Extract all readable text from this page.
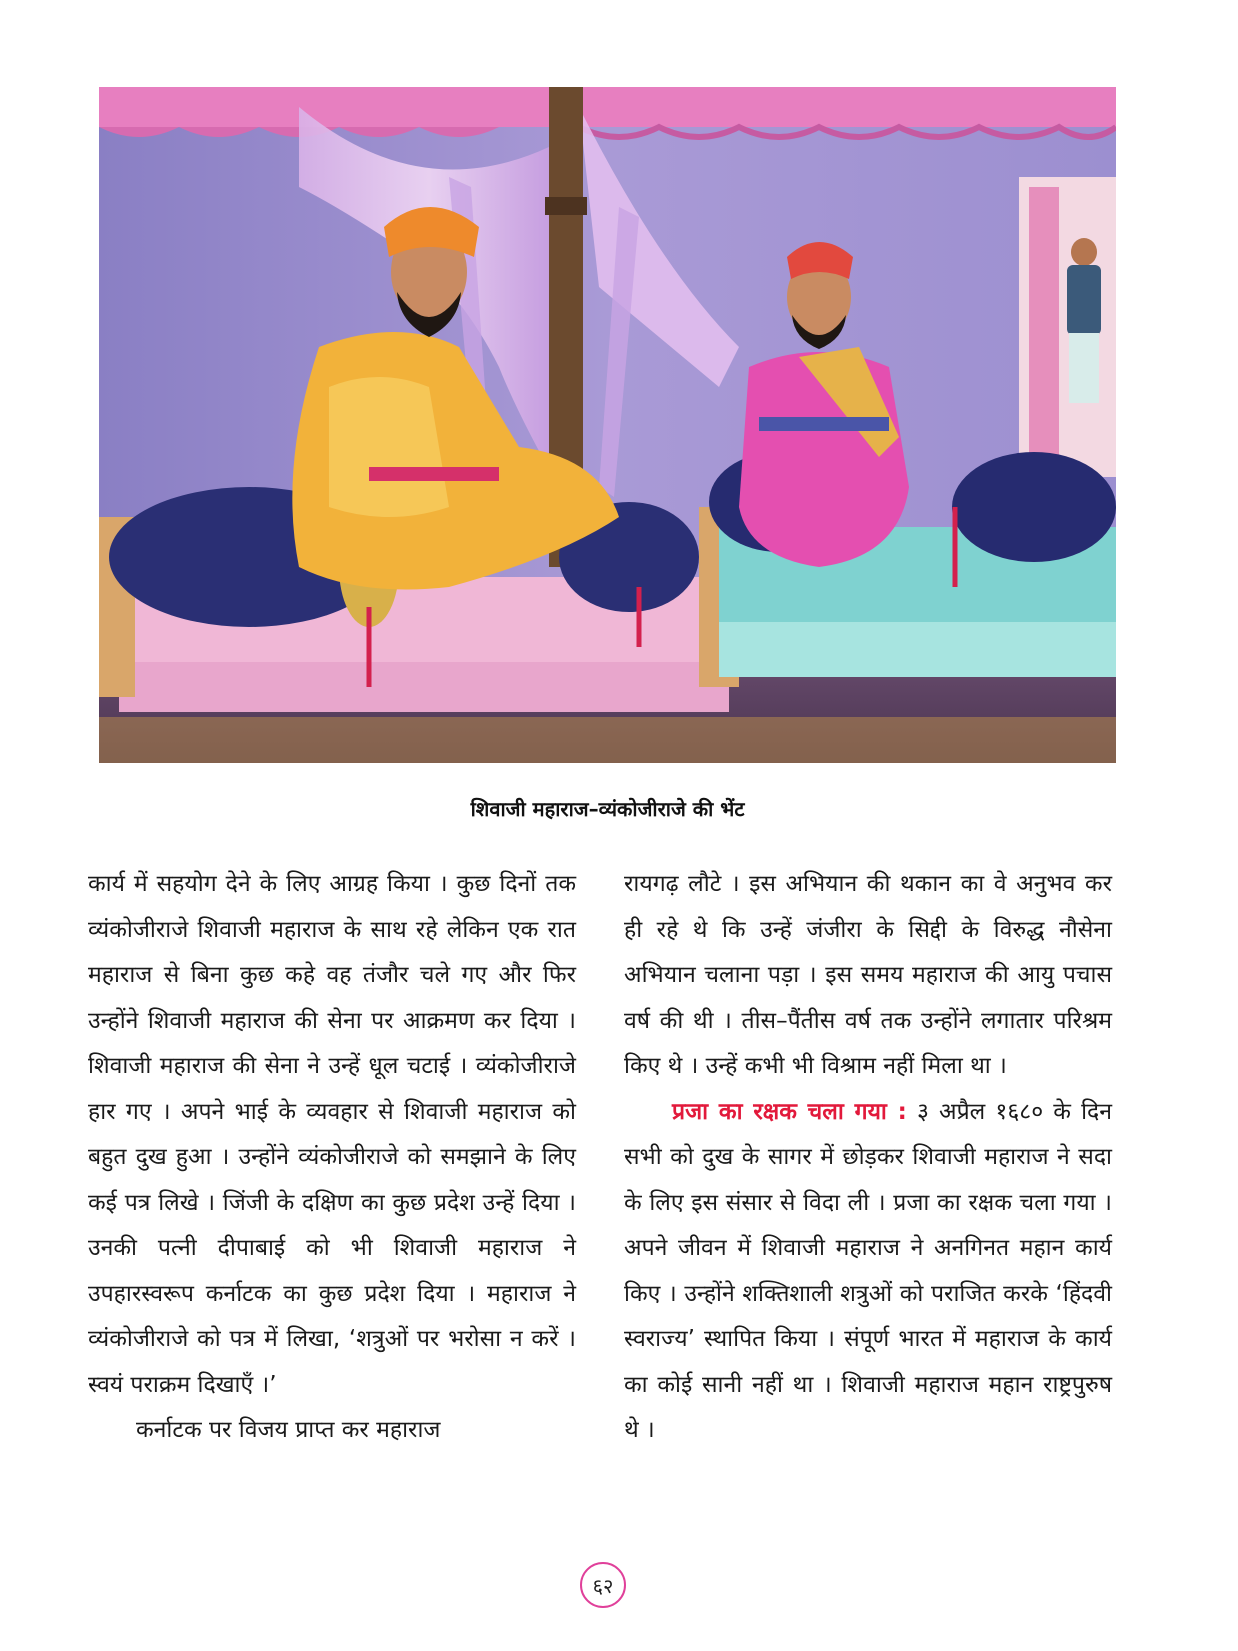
शिवाजी महाराज–व्यंकोजीराजे की भेंट

कार्य में सहयोग देने के लिए आग्रह किया । कुछ दिनों तक व्यंकोजीराजे शिवाजी महाराज के साथ रहे लेकिन एक रात महाराज से बिना कुछ कहे वह तंजौर चले गए और फिर उन्होंने शिवाजी महाराज की सेना पर आक्रमण कर दिया । शिवाजी महाराज की सेना ने उन्हें धूल चटाई । व्यंकोजीराजे हार गए । अपने भाई के व्यवहार से शिवाजी महाराज को बहुत दुख हुआ । उन्होंने व्यंकोजीराजे को समझाने के लिए कई पत्र लिखे । जिंजी के दक्षिण का कुछ प्रदेश उन्हें दिया । उनकी पत्नी दीपाबाई को भी शिवाजी महाराज ने उपहारस्वरूप कर्नाटक का कुछ प्रदेश दिया । महाराज ने व्यंकोजीराजे को पत्र में लिखा, ‘शत्रुओं पर भरोसा न करें । स्वयं पराक्रम दिखाएँ ।’

कर्नाटक पर विजय प्राप्त कर महाराज

रायगढ़ लौटे । इस अभियान की थकान का वे अनुभव कर ही रहे थे कि उन्हें जंजीरा के सिद्दी के विरुद्ध नौसेना अभियान चलाना पड़ा । इस समय महाराज की आयु पचास वर्ष की थी । तीस–पैंतीस वर्ष तक उन्होंने लगातार परिश्रम किए थे । उन्हें कभी भी विश्राम नहीं मिला था ।

प्रजा का रक्षक चला गया : ३ अप्रैल १६८० के दिन सभी को दुख के सागर में छोड़कर शिवाजी महाराज ने सदा के लिए इस संसार से विदा ली । प्रजा का रक्षक चला गया । अपने जीवन में शिवाजी महाराज ने अनगिनत महान कार्य किए । उन्होंने शक्तिशाली शत्रुओं को पराजित करके ‘हिंदवी स्वराज्य’ स्थापित किया । संपूर्ण भारत में महाराज के कार्य का कोई सानी नहीं था । शिवाजी महाराज महान राष्ट्रपुरुष थे ।

६२
